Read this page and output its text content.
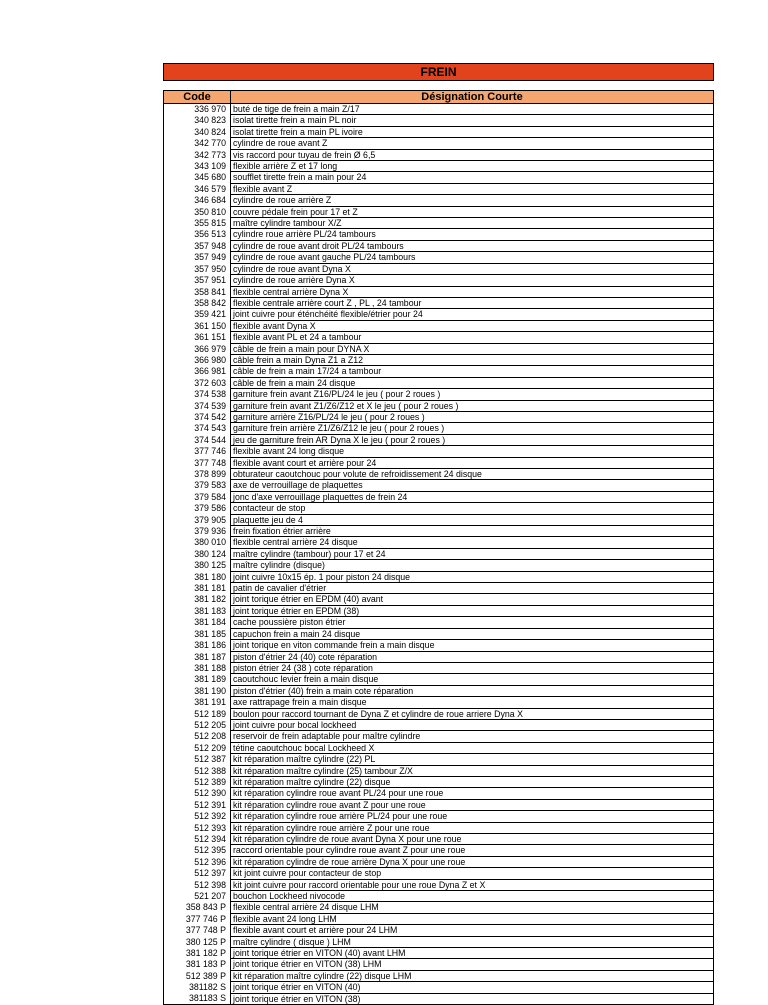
FREIN
Code	Désignation Courte
336 970	buté de tige de frein a main Z/17
340 823	isolat tirette frein a main PL noir
340 824	isolat tirette frein a main PL ivoire
342 770	cylindre de roue avant Z
342 773	vis raccord pour tuyau de frein Ø 6,5
343 109	flexible arrière Z et 17 long
345 680	soufflet tirette frein a main pour 24
346 579	flexible avant Z
346 684	cylindre de roue arrière Z
350 810	couvre pédale frein pour 17 et Z
355 815	maître cylindre tambour X/Z
356 513	cylindre roue arrière PL/24 tambours
357 948	cylindre de roue avant droit PL/24 tambours
357 949	cylindre de roue avant gauche PL/24 tambours
357 950	cylindre de roue avant Dyna X
357 951	cylindre de roue arrière Dyna X
358 841	flexible central arrière Dyna X
358 842	flexible centrale arrière court Z , PL , 24 tambour
359 421	joint cuivre pour éténchéité flexible/étrier pour 24
361 150	flexible avant Dyna X
361 151	flexible avant PL et 24 a tambour
366 979	câble de frein a main pour DYNA X
366 980	câble frein a main Dyna Z1 a Z12
366 981	câble de frein a main 17/24 a tambour
372 603	câble de frein a main 24 disque
374 538	garniture frein avant Z16/PL/24 le jeu ( pour 2 roues )
374 539	garniture frein avant Z1/Z6/Z12 et X le jeu ( pour 2 roues )
374 542	garniture arrière Z16/PL/24 le jeu ( pour 2 roues )
374 543	garniture frein arrière Z1/Z6/Z12 le jeu ( pour 2 roues )
374 544	jeu de garniture frein AR Dyna X le jeu ( pour 2 roues )
377 746	flexible avant 24 long disque
377 748	flexible avant court et arrière pour 24
378 899	obturateur caoutchouc pour volute de refroidissement 24 disque
379 583	axe de verrouillage de plaquettes
379 584	jonc d'axe verrouillage plaquettes de frein 24
379 586	contacteur de stop
379 905	plaquette jeu de 4
379 936	frein fixation étrier arrière
380 010	flexible central arrière 24 disque
380 124	maître cylindre (tambour) pour 17 et 24
380 125	maître cylindre (disque)
381 180	joint cuivre 10x15 ép. 1 pour piston 24 disque
381 181	patin de cavalier d'étrier
381 182	joint torique étrier en EPDM (40) avant
381 183	joint torique étrier en EPDM (38)
381 184	cache poussière piston étrier
381 185	capuchon frein a main 24 disque
381 186	joint torique en viton commande frein a main disque
381 187	piston d'étrier 24 (40) cote réparation
381 188	piston étrier 24 (38 ) cote réparation
381 189	caoutchouc levier frein a main disque
381 190	piston d'étrier (40) frein a main cote réparation
381 191	axe rattrapage frein a main disque
512 189	boulon pour raccord tournant de Dyna Z et cylindre de roue arriere Dyna X
512 205	joint cuivre pour bocal lockheed
512 208	reservoir de frein adaptable pour maître cylindre
512 209	tétine caoutchouc bocal Lockheed X
512 387	kit réparation maître cylindre (22) PL
512 388	kit réparation maître cylindre (25) tambour Z/X
512 389	kit réparation maître cylindre (22) disque
512 390	kit réparation cylindre roue avant PL/24 pour une roue
512 391	kit réparation cylindre roue avant Z pour une roue
512 392	kit réparation cylindre roue arrière PL/24 pour une roue
512 393	kit réparation cylindre roue arrière Z pour une roue
512 394	kit réparation cylindre de roue avant Dyna X pour une roue
512 395	raccord orientable pour cylindre roue avant Z pour une roue
512 396	kit réparation cylindre de roue arrière Dyna X pour une roue
512 397	kit joint cuivre pour contacteur de stop
512 398	kit joint cuivre pour raccord orientable pour une roue Dyna Z et X
521 207	bouchon Lockheed nivocode
358 843 P	flexible central arrière 24 disque LHM
377 746 P	flexible avant 24 long LHM
377 748 P	flexible avant court et arrière pour 24 LHM
380 125 P	maître cylindre ( disque ) LHM
381 182 P	joint torique étrier en VITON (40) avant LHM
381 183 P	joint torique étrier en VITON (38) LHM
512 389 P	kit réparation maître cylindre (22) disque LHM
381182 S	joint torique étrier en VITON (40)
381183 S	joint torique étrier en VITON (38)
